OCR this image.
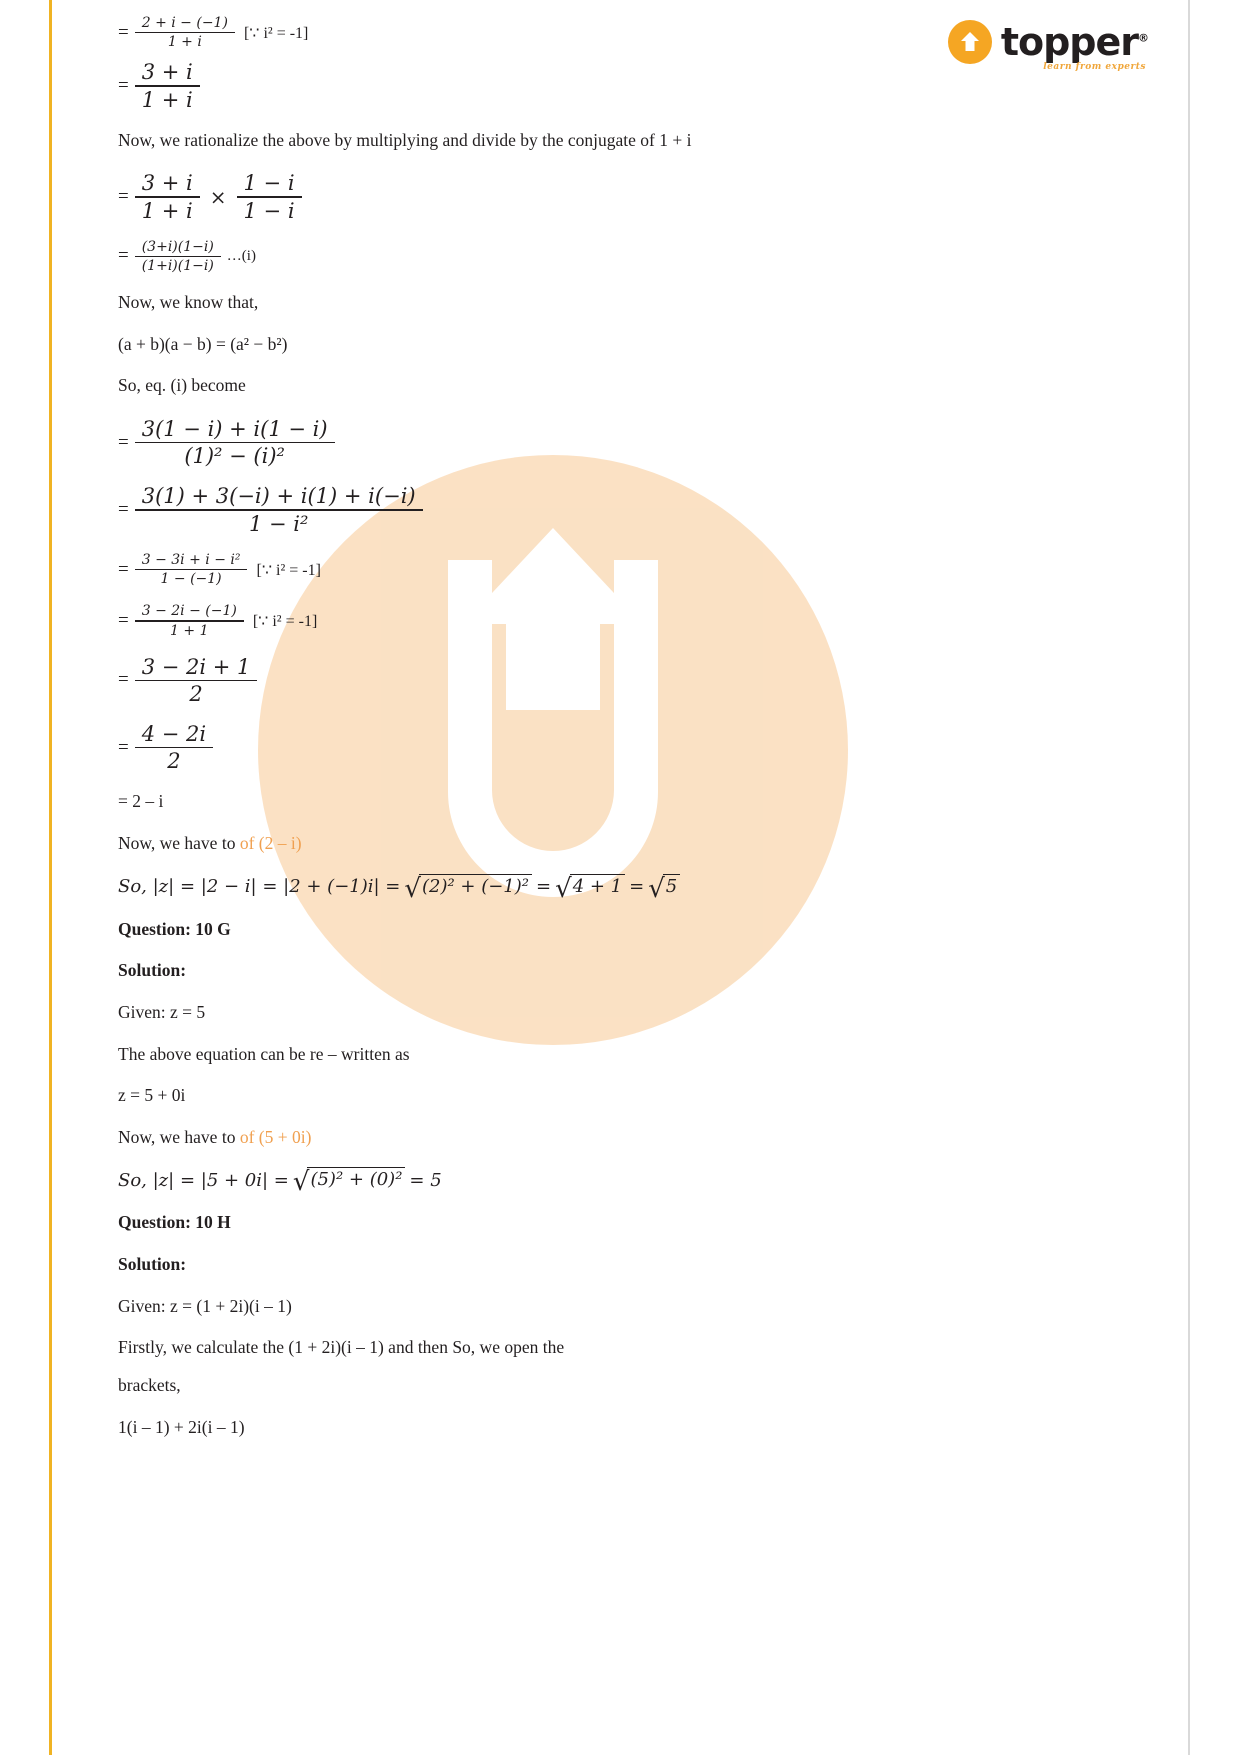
topper®
learn from experts
= $\frac{2 + i - (-1)}{1 + i}$ [∵ i² = -1]
= $\frac{3 + i}{1 + i}$

Now, we rationalize the above by multiplying and divide by the conjugate of 1 + i

= $\frac{3 + i}{1 + i} \times \frac{1 - i}{1 - i}$
= $\frac{(3+i)(1-i)}{(1+i)(1-i)}$ …(i)

Now, we know that,

(a + b)(a − b) = (a² − b²)

So, eq. (i) become

= $\frac{3(1 - i) + i(1 - i)}{\text{(1)² − (i)²}}$
= $\frac{3(1) + 3(-i) + i(1) + i(-i)}{\text{1 − i²}}$
= $\frac{\text{3 − 3i + i − i²}}{1 - (-1)}$ [∵ i² = -1]
= $\frac{3 - 2i - (-1)}{1 + 1}$ [∵ i² = -1]
= $\frac{3 - 2i + 1}{2}$
= $\frac{4 - 2i}{2}$

= 2 – i

Now, we have to of (2 – i)

So, |z| = |2 − i| = |2 + (−1)i| = √ (2)² + (−1)² = √ 4 + 1 = √ 5

Question: 10 G

Solution:

Given: z = 5

The above equation can be re – written as

z = 5 + 0i

Now, we have to of (5 + 0i)

So, |z| = |5 + 0i| = √ (5)² + (0)² = 5

Question: 10 H

Solution:

Given: z = (1 + 2i)(i – 1)

Firstly, we calculate the (1 + 2i)(i – 1) and then So, we open the

brackets,

1(i – 1) + 2i(i – 1)
